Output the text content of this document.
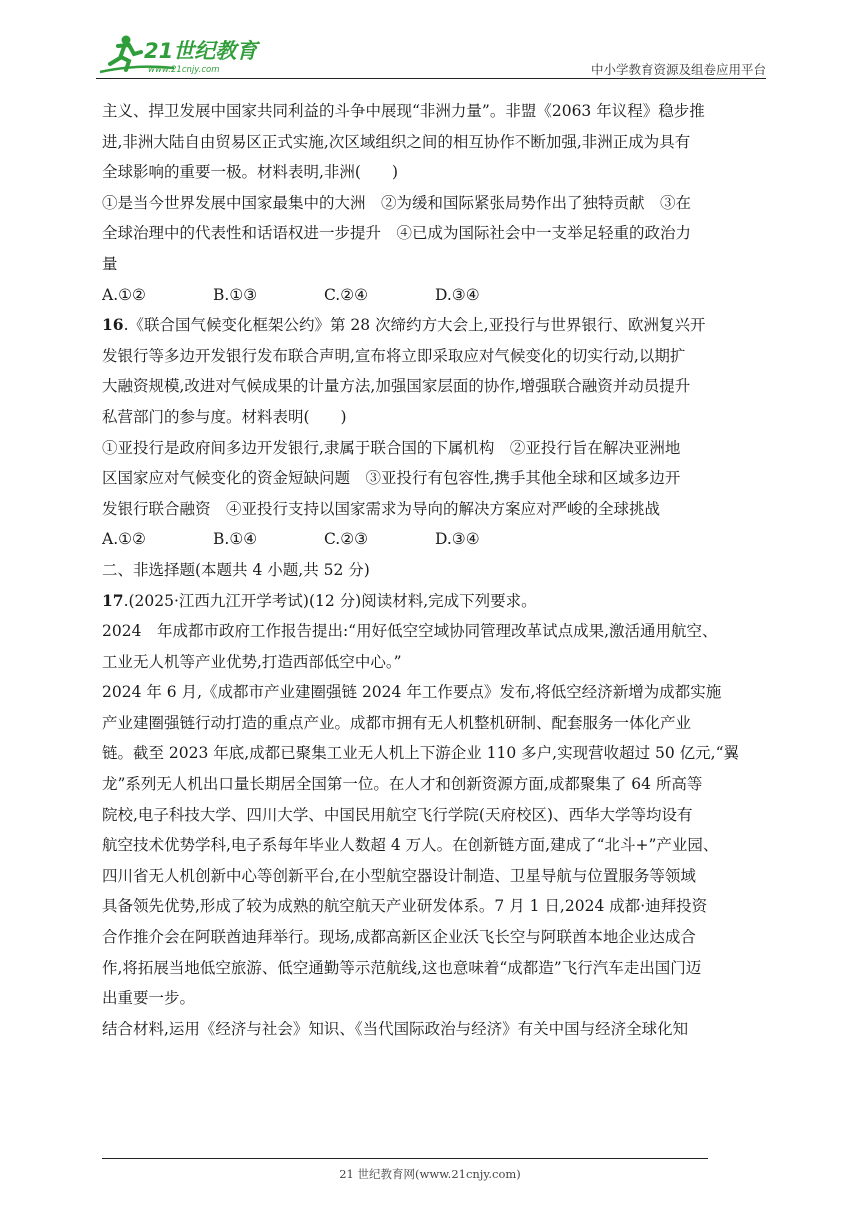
21世纪教育
www.21cnjy.com	中小学教育资源及组卷应用平台

主义、捍卫发展中国家共同利益的斗争中展现“非洲力量”。非盟《2063 年议程》稳步推

进,非洲大陆自由贸易区正式实施,次区域组织之间的相互协作不断加强,非洲正成为具有

全球影响的重要一极。材料表明,非洲(　　)

①是当今世界发展中国家最集中的大洲　②为缓和国际紧张局势作出了独特贡献　③在

全球治理中的代表性和话语权进一步提升　④已成为国际社会中一支举足轻重的政治力

量

A.①②	B.①③	C.②④	D.③④

16.《联合国气候变化框架公约》第 28 次缔约方大会上,亚投行与世界银行、欧洲复兴开

发银行等多边开发银行发布联合声明,宣布将立即采取应对气候变化的切实行动,以期扩

大融资规模,改进对气候成果的计量方法,加强国家层面的协作,增强联合融资并动员提升

私营部门的参与度。材料表明(　　)

①亚投行是政府间多边开发银行,隶属于联合国的下属机构　②亚投行旨在解决亚洲地

区国家应对气候变化的资金短缺问题　③亚投行有包容性,携手其他全球和区域多边开

发银行联合融资　④亚投行支持以国家需求为导向的解决方案应对严峻的全球挑战

A.①②	B.①④	C.②③	D.③④

二、非选择题(本题共 4 小题,共 52 分)

17.(2025·江西九江开学考试)(12 分)阅读材料,完成下列要求。

2024　年成都市政府工作报告提出:“用好低空空域协同管理改革试点成果,激活通用航空、

工业无人机等产业优势,打造西部低空中心。”

2024 年 6 月,《成都市产业建圈强链 2024 年工作要点》发布,将低空经济新增为成都实施

产业建圈强链行动打造的重点产业。成都市拥有无人机整机研制、配套服务一体化产业

链。截至 2023 年底,成都已聚集工业无人机上下游企业 110 多户,实现营收超过 50 亿元,“翼

龙”系列无人机出口量长期居全国第一位。在人才和创新资源方面,成都聚集了 64 所高等

院校,电子科技大学、四川大学、中国民用航空飞行学院(天府校区)、西华大学等均设有

航空技术优势学科,电子系每年毕业人数超 4 万人。在创新链方面,建成了“北斗+”产业园、

四川省无人机创新中心等创新平台,在小型航空器设计制造、卫星导航与位置服务等领域

具备领先优势,形成了较为成熟的航空航天产业研发体系。7 月 1 日,2024 成都·迪拜投资

合作推介会在阿联酋迪拜举行。现场,成都高新区企业沃飞长空与阿联酋本地企业达成合

作,将拓展当地低空旅游、低空通勤等示范航线,这也意味着“成都造”飞行汽车走出国门迈

出重要一步。

结合材料,运用《经济与社会》知识、《当代国际政治与经济》有关中国与经济全球化知

21 世纪教育网(www.21cnjy.com)
